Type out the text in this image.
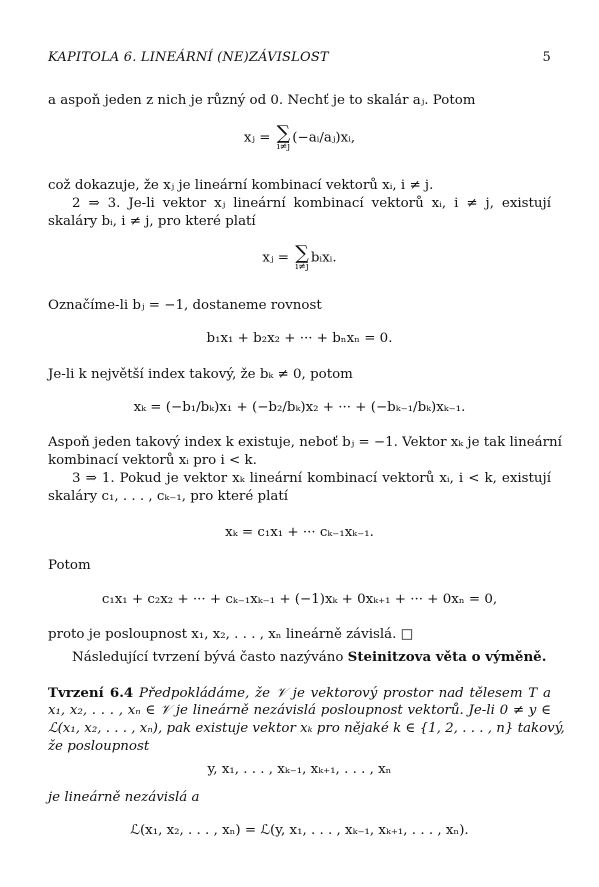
KAPITOLA 6. LINEÁRNÍ (NE)ZÁVISLOST	5
a aspoň jeden z nich je různý od 0. Nechť je to skalár aⱼ. Potom
xⱼ = ∑
i≠j
(−aᵢ/aⱼ)xᵢ,
což dokazuje, že xⱼ je lineární kombinací vektorů xᵢ, i ≠ j.
2 ⇒ 3. Je-li vektor xⱼ lineární kombinací vektorů xᵢ, i ≠ j, existují
skaláry bᵢ, i ≠ j, pro které platí
xⱼ = ∑
i≠j
bᵢxᵢ.
Označíme-li bⱼ = −1, dostaneme rovnost
b₁x₁ + b₂x₂ + ··· + bₙxₙ = 0.
Je-li k největší index takový, že bₖ ≠ 0, potom
xₖ = (−b₁/bₖ)x₁ + (−b₂/bₖ)x₂ + ··· + (−bₖ₋₁/bₖ)xₖ₋₁.
Aspoň jeden takový index k existuje, neboť bⱼ = −1. Vektor xₖ je tak lineární
kombinací vektorů xᵢ pro i < k.
3 ⇒ 1. Pokud je vektor xₖ lineární kombinací vektorů xᵢ, i < k, existují
skaláry c₁, . . . , cₖ₋₁, pro které platí
xₖ = c₁x₁ + ··· cₖ₋₁xₖ₋₁.
Potom
c₁x₁ + c₂x₂ + ··· + cₖ₋₁xₖ₋₁ + (−1)xₖ + 0xₖ₊₁ + ··· + 0xₙ = 0,
proto je posloupnost x₁, x₂, . . . , xₙ lineárně závislá. □
Následující tvrzení bývá často nazýváno Steinitzova věta o výměně.
Tvrzení 6.4 Předpokládáme, že 𝒱 je vektorový prostor nad tělesem T a
x₁, x₂, . . . , xₙ ∈ 𝒱 je lineárně nezávislá posloupnost vektorů. Je-li 0 ≠ y ∈
ℒ(x₁, x₂, . . . , xₙ), pak existuje vektor xₖ pro nějaké k ∈ {1, 2, . . . , n} takový,
že posloupnost
y, x₁, . . . , xₖ₋₁, xₖ₊₁, . . . , xₙ
je lineárně nezávislá a
ℒ(x₁, x₂, . . . , xₙ) = ℒ(y, x₁, . . . , xₖ₋₁, xₖ₊₁, . . . , xₙ).
